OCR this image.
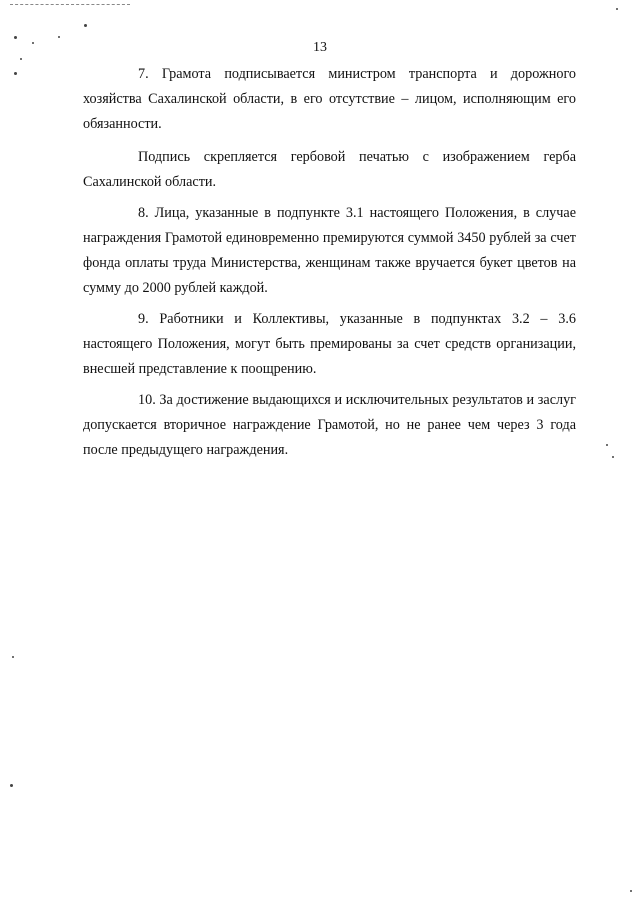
13

7. Грамота подписывается министром транспорта и дорожного хозяйства Сахалинской области, в его отсутствие – лицом, исполняющим его обязанности.

Подпись скрепляется гербовой печатью с изображением герба Сахалинской области.

8. Лица, указанные в подпункте 3.1 настоящего Положения, в случае награждения Грамотой единовременно премируются суммой 3450 рублей за счет фонда оплаты труда Министерства, женщинам также вручается букет цветов на сумму до 2000 рублей каждой.

9. Работники и Коллективы, указанные в подпунктах 3.2 – 3.6 настоящего Положения, могут быть премированы за счет средств организации, внесшей представление к поощрению.

10. За достижение выдающихся и исключительных результатов и заслуг допускается вторичное награждение Грамотой, но не ранее чем через 3 года после предыдущего награждения.
